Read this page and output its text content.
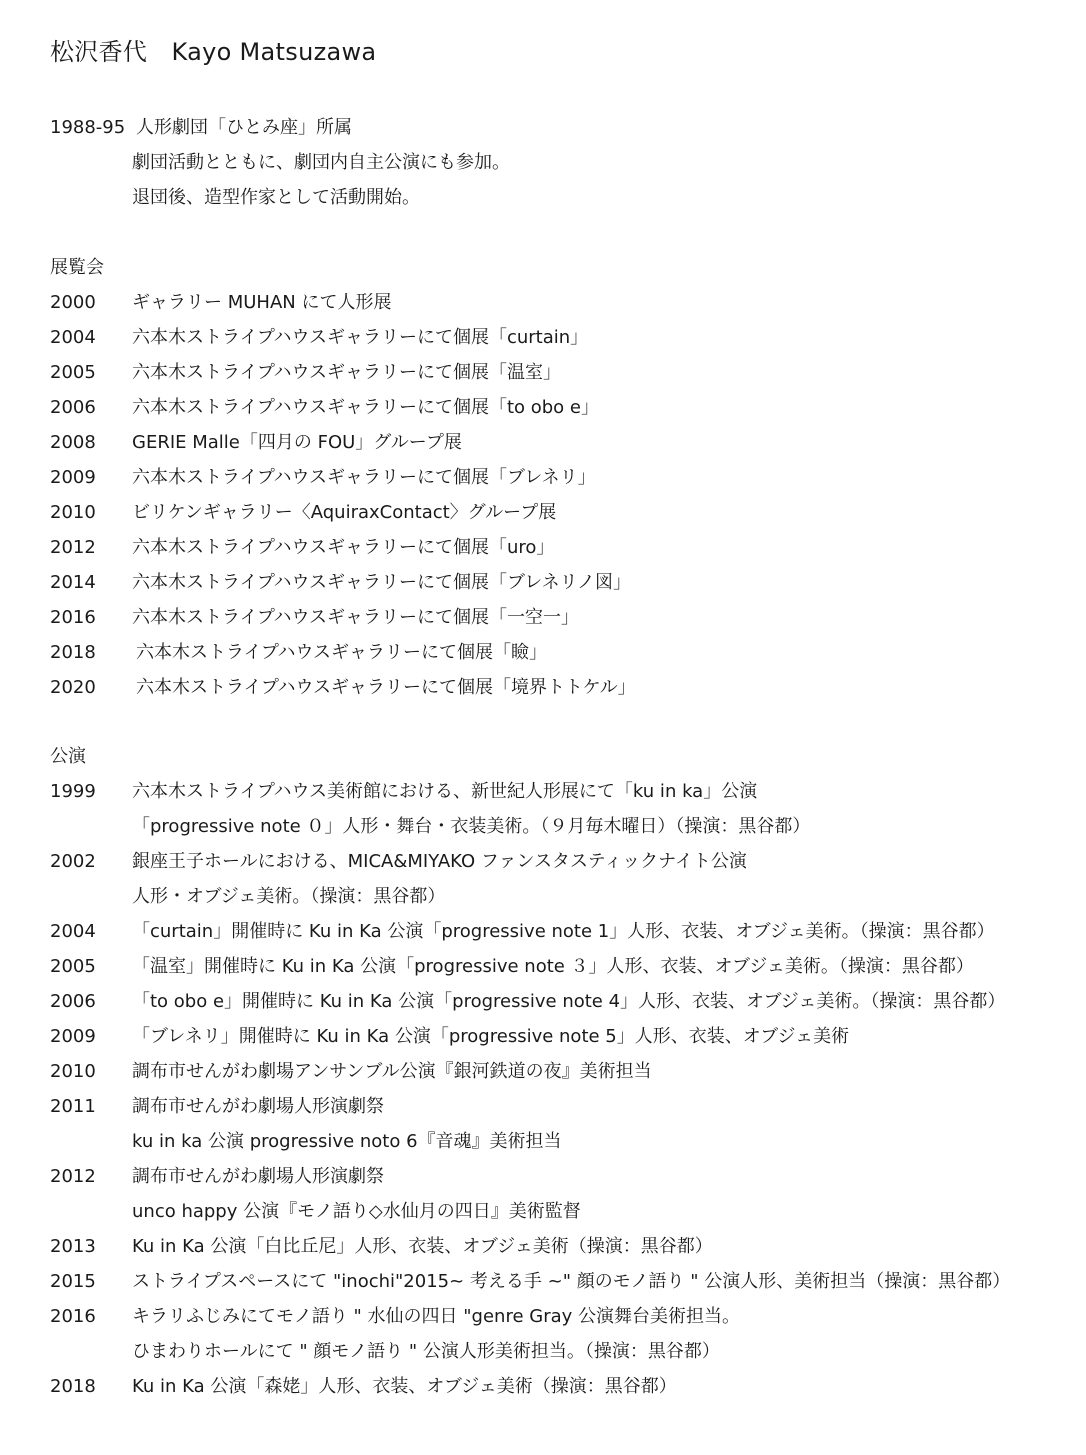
松沢香代　Kayo Matsuzawa
1988-95 人形劇団「ひとみ座」所属
劇団活動とともに、劇団内自主公演にも参加。
退団後、造型作家として活動開始。
展覧会
2000	ギャラリー MUHAN にて人形展
2004	六本木ストライプハウスギャラリーにて個展「curtain」
2005	六本木ストライプハウスギャラリーにて個展「温室」
2006	六本木ストライプハウスギャラリーにて個展「to obo e」
2008	GERIE Malle「四月の FOU」グループ展
2009	六本木ストライプハウスギャラリーにて個展「ブレネリ」
2010	ビリケンギャラリー〈AquiraxContact〉グループ展
2012	六本木ストライプハウスギャラリーにて個展「uro」
2014	六本木ストライプハウスギャラリーにて個展「ブレネリノ図」
2016	六本木ストライプハウスギャラリーにて個展「一空一」
2018	六本木ストライプハウスギャラリーにて個展「瞼」
2020	六本木ストライプハウスギャラリーにて個展「境界トトケル」
公演
1999	六本木ストライプハウス美術館における、新世紀人形展にて「ku in ka」公演
「progressive note ０」人形・舞台・衣装美術。（９月毎木曜日）（操演：黒谷都）
2002	銀座王子ホールにおける、MICA&MIYAKO ファンスタスティックナイト公演
人形・オブジェ美術。（操演：黒谷都）
2004	「curtain」開催時に Ku in Ka 公演「progressive note 1」人形、衣装、オブジェ美術。（操演：黒谷都）
2005	「温室」開催時に Ku in Ka 公演「progressive note ３」人形、衣装、オブジェ美術。（操演：黒谷都）
2006	「to obo e」開催時に Ku in Ka 公演「progressive note 4」人形、衣装、オブジェ美術。（操演：黒谷都）
2009	「ブレネリ」開催時に Ku in Ka 公演「progressive note 5」人形、衣装、オブジェ美術
2010	調布市せんがわ劇場アンサンブル公演『銀河鉄道の夜』美術担当
2011	調布市せんがわ劇場人形演劇祭
ku in ka 公演 progressive noto 6『音魂』美術担当
2012	調布市せんがわ劇場人形演劇祭
unco happy 公演『モノ語り◇水仙月の四日』美術監督
2013	Ku in Ka 公演「白比丘尼」人形、衣装、オブジェ美術（操演：黒谷都）
2015	ストライプスペースにて "inochi"2015~ 考える手 ~" 顔のモノ語り " 公演人形、美術担当（操演：黒谷都）
2016	キラリふじみにてモノ語り " 水仙の四日 "genre Gray 公演舞台美術担当。
ひまわりホールにて " 顔モノ語り " 公演人形美術担当。（操演：黒谷都）
2018	Ku in Ka 公演「森姥」人形、衣装、オブジェ美術（操演：黒谷都）
